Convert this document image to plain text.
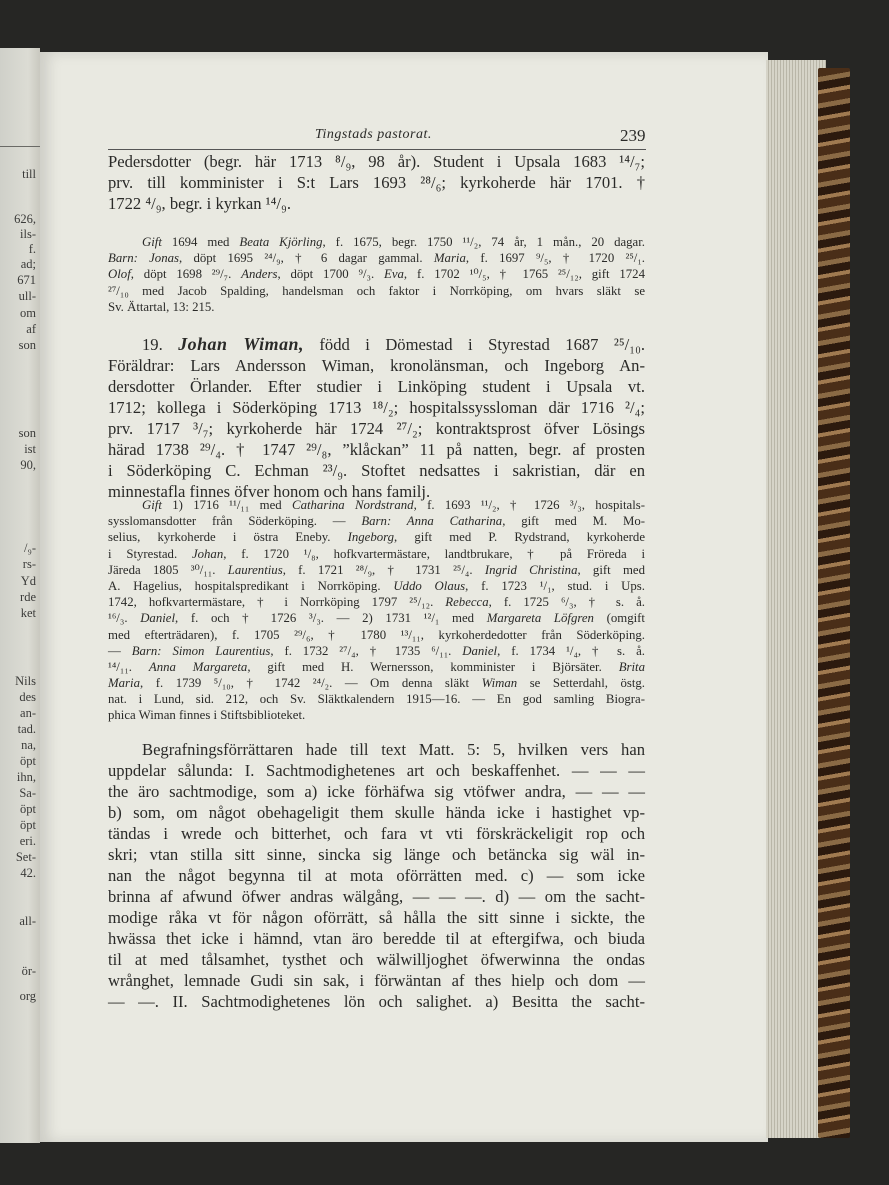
till
626,
ils-
f.
ad;
671
ull-
om
af
son
son
ist
90,
/₉-
rs-
Yd
rde
ket
Nils
des
an-
tad.
na,
öpt
ihn,
Sa-
öpt
öpt
eri.
Set-
42.
all-
ör-
org
Tingstads pastorat.	239
Pedersdotter (begr. här 1713 ⁸/₉, 98 år). Student i Upsala 1683 ¹⁴/₇;
prv. till komminister i S:t Lars 1693 ²⁸/₆; kyrkoherde här 1701. †
1722 ⁴/₉, begr. i kyrkan ¹⁴/₉.
Gift 1694 med Beata Kjörling, f. 1675, begr. 1750 ¹¹/₂, 74 år, 1 mån., 20 dagar.
Barn: Jonas, döpt 1695 ²⁴/₉, † 6 dagar gammal. Maria, f. 1697 ⁹/₅, † 1720 ²⁵/₁.
Olof, döpt 1698 ²⁹/₇. Anders, döpt 1700 ⁹/₃. Eva, f. 1702 ¹⁰/₅, † 1765 ²⁵/₁₂, gift 1724
²⁷/₁₀ med Jacob Spalding, handelsman och faktor i Norrköping, om hvars släkt se
Sv. Ättartal, 13: 215.
19. Johan Wiman, född i Dömestad i Styrestad 1687 ²⁵/₁₀.
Föräldrar: Lars Andersson Wiman, kronolänsman, och Ingeborg An-
dersdotter Örlander. Efter studier i Linköping student i Upsala vt.
1712; kollega i Söderköping 1713 ¹⁸/₂; hospitalssyssloman där 1716 ²/₄;
prv. 1717 ³/₇; kyrkoherde här 1724 ²⁷/₂; kontraktsprost öfver Lösings
härad 1738 ²⁹/₄. † 1747 ²⁹/₈, ”klåckan” 11 på natten, begr. af prosten
i Söderköping C. Echman ²³/₉. Stoftet nedsattes i sakristian, där en
minnestafla finnes öfver honom och hans familj.
Gift 1) 1716 ¹¹/₁₁ med Catharina Nordstrand, f. 1693 ¹¹/₂, † 1726 ³/₃, hospitals-
sysslomansdotter från Söderköping. — Barn: Anna Catharina, gift med M. Mo-
selius, kyrkoherde i östra Eneby. Ingeborg, gift med P. Rydstrand, kyrkoherde
i Styrestad. Johan, f. 1720 ¹/₈, hofkvartermästare, landtbrukare, † på Fröreda i
Järeda 1805 ³⁰/₁₁. Laurentius, f. 1721 ²⁸/₉, † 1731 ²⁵/₄. Ingrid Christina, gift med
A. Hagelius, hospitalspredikant i Norrköping. Uddo Olaus, f. 1723 ¹/₁, stud. i Ups.
1742, hofkvartermästare, † i Norrköping 1797 ²⁵/₁₂. Rebecca, f. 1725 ⁶/₃, † s. å.
¹⁶/₃. Daniel, f. och † 1726 ³/₃. — 2) 1731 ¹²/₁ med Margareta Löfgren (omgift
med efterträdaren), f. 1705 ²⁹/₆, † 1780 ¹³/₁₁, kyrkoherdedotter från Söderköping.
— Barn: Simon Laurentius, f. 1732 ²⁷/₄, † 1735 ⁶/₁₁. Daniel, f. 1734 ¹/₄, † s. å.
¹⁴/₁₁. Anna Margareta, gift med H. Wernersson, komminister i Björsäter. Brita
Maria, f. 1739 ⁵/₁₀, † 1742 ²⁴/₂. — Om denna släkt Wiman se Setterdahl, östg.
nat. i Lund, sid. 212, och Sv. Släktkalendern 1915—16. — En god samling Biogra-
phica Wiman finnes i Stiftsbiblioteket.
Begrafningsförrättaren hade till text Matt. 5: 5, hvilken vers han
uppdelar sålunda: I. Sachtmodighetenes art och beskaffenhet. — — —
the äro sachtmodige, som a) icke förhäfwa sig vtöfwer andra, — — —
b) som, om något obehageligit them skulle hända icke i hastighet vp-
tändas i wrede och bitterhet, och fara vt vti förskräckeligit rop och
skri; vtan stilla sitt sinne, sincka sig länge och betäncka sig wäl in-
nan the något begynna til at mota oförrätten med. c) — som icke
brinna af afwund öfwer andras wälgång, — — —. d) — om the sacht-
modige råka vt för någon oförrätt, så hålla the sitt sinne i sickte, the
hwässa thet icke i hämnd, vtan äro beredde til at eftergifwa, och biuda
til at med tålsamhet, tysthet och wälwilljoghet öfwerwinna the ondas
wrånghet, lemnade Gudi sin sak, i förwäntan af thes hielp och dom —
— —. II. Sachtmodighetenes lön och salighet. a) Besitta the sacht-
